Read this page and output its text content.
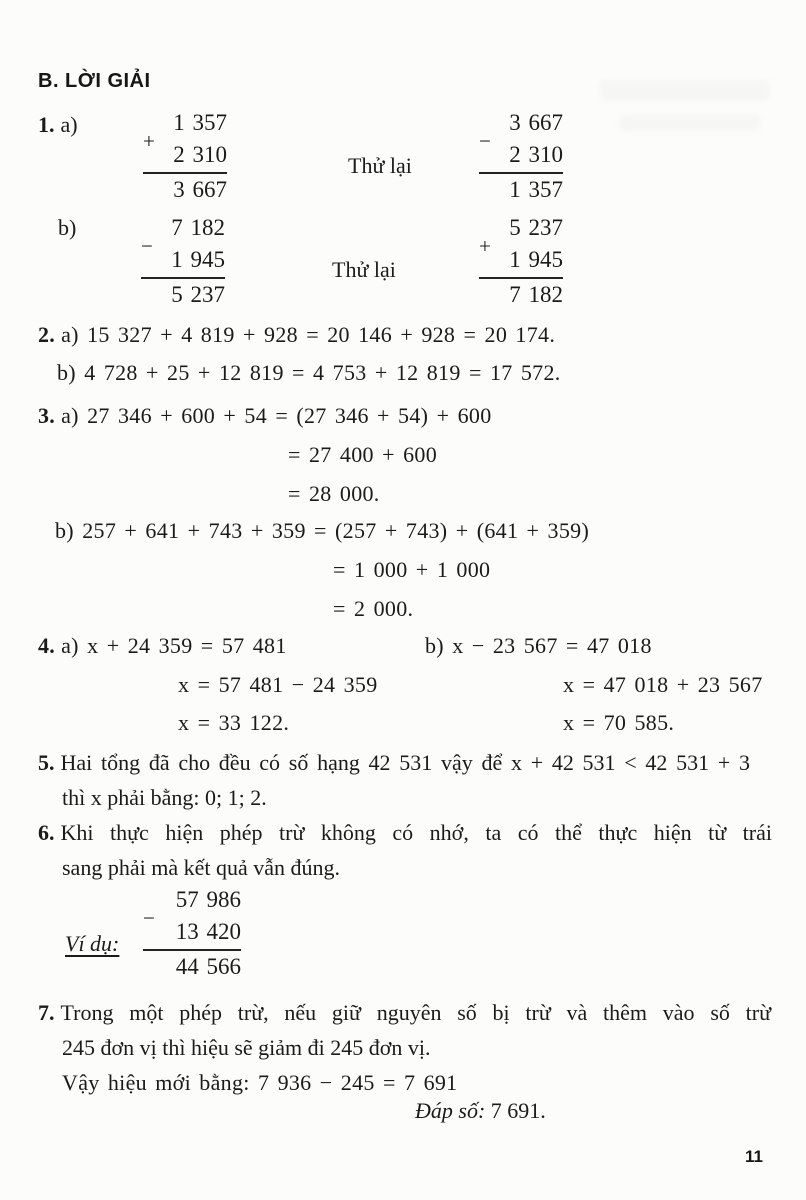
B. LỜI GIẢI
1. a)
+
1 357
2 310
3 667
Thử lại
−
3 667
2 310
1 357
b)
−
7 182
1 945
5 237
Thử lại
+
5 237
1 945
7 182
2. a) 15 327 + 4 819 + 928 = 20 146 + 928 = 20 174.
b) 4 728 + 25 + 12 819 = 4 753 + 12 819 = 17 572.
3. a) 27 346 + 600 + 54 = (27 346 + 54) + 600
= 27 400 + 600
= 28 000.
b) 257 + 641 + 743 + 359 = (257 + 743) + (641 + 359)
= 1 000 + 1 000
= 2 000.
4. a) x + 24 359 = 57 481	b) x − 23 567 = 47 018
x = 57 481 − 24 359	x = 47 018 + 23 567
x = 33 122.	x = 70 585.
5. Hai tổng đã cho đều có số hạng 42 531 vậy để x + 42 531 < 42 531 + 3
thì x phải bằng: 0; 1; 2.
6. Khi thực hiện phép trừ không có nhớ, ta có thể thực hiện từ trái
sang phải mà kết quả vẫn đúng.
Ví dụ:
−
57 986
13 420
44 566
7. Trong một phép trừ, nếu giữ nguyên số bị trừ và thêm vào số trừ
245 đơn vị thì hiệu sẽ giảm đi 245 đơn vị.
Vậy hiệu mới bằng: 7 936 − 245 = 7 691
Đáp số: 7 691.
11
